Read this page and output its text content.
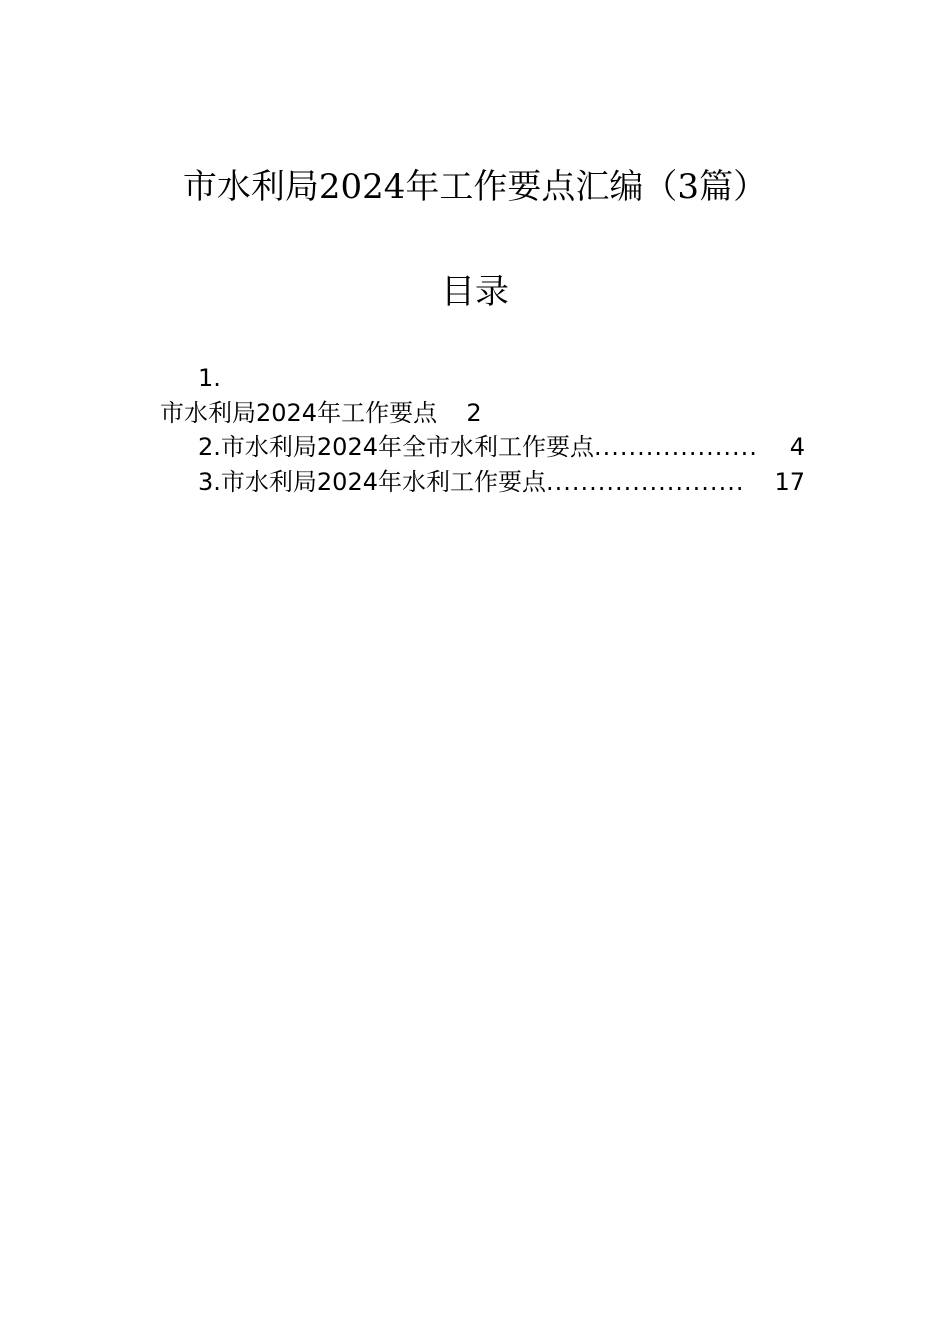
市水利局2024年工作要点汇编（3篇）
目录
1.
市水利局2024年工作要点 2
2. 市水利局2024年全市水利工作要点 ...................	4
3. 市水利局2024年水利工作要点 .......................	17
